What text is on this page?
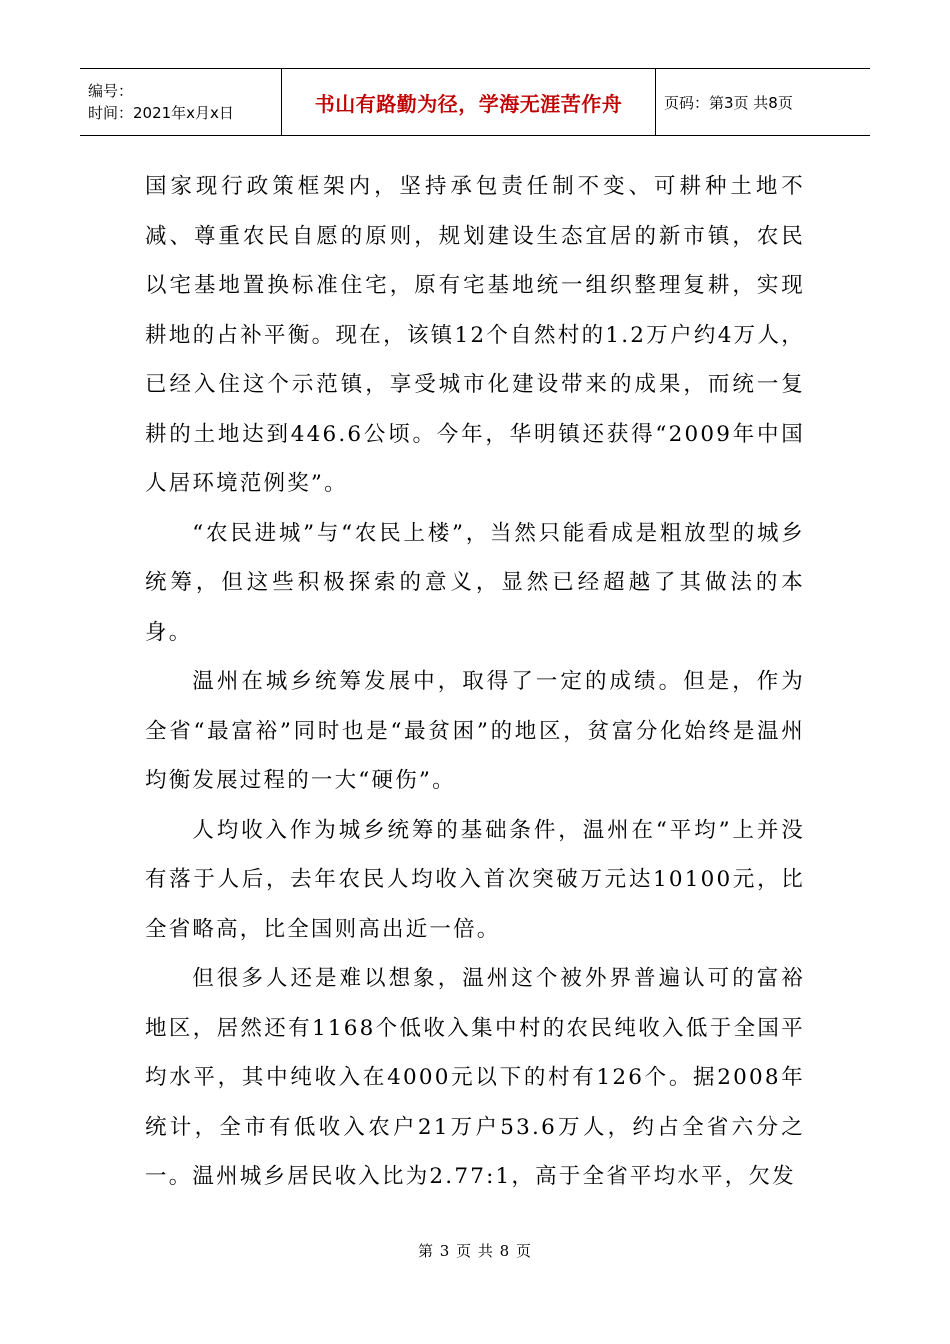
编号：
时间：2021年x月x日	书山有路勤为径，学海无涯苦作舟	页码：第3页 共8页

国家现行政策框架内，坚持承包责任制不变、可耕种土地不减、尊重农民自愿的原则，规划建设生态宜居的新市镇，农民以宅基地置换标准住宅，原有宅基地统一组织整理复耕，实现耕地的占补平衡。现在，该镇12个自然村的1.2万户约4万人，已经入住这个示范镇，享受城市化建设带来的成果，而统一复耕的土地达到446.6公顷。今年，华明镇还获得“2009年中国人居环境范例奖”。

“农民进城”与“农民上楼”，当然只能看成是粗放型的城乡统筹，但这些积极探索的意义，显然已经超越了其做法的本身。

温州在城乡统筹发展中，取得了一定的成绩。但是，作为全省“最富裕”同时也是“最贫困”的地区，贫富分化始终是温州均衡发展过程的一大“硬伤”。

人均收入作为城乡统筹的基础条件，温州在“平均”上并没有落于人后，去年农民人均收入首次突破万元达10100元，比全省略高，比全国则高出近一倍。

但很多人还是难以想象，温州这个被外界普遍认可的富裕地区，居然还有1168个低收入集中村的农民纯收入低于全国平均水平，其中纯收入在4000元以下的村有126个。据2008年统计，全市有低收入农户21万户53.6万人，约占全省六分之一。温州城乡居民收入比为2.77:1，高于全省平均水平，欠发

第 3 页 共 8 页
